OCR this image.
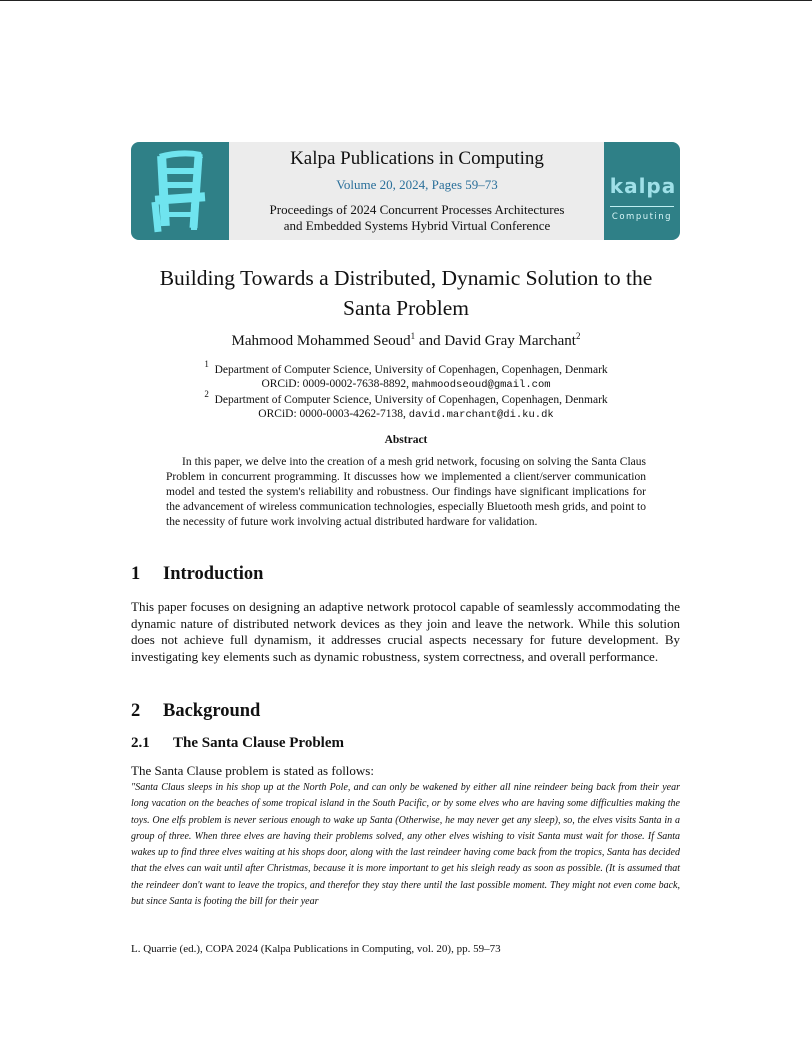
Kalpa Publications in Computing
Volume 20, 2024, Pages 59–73
Proceedings of 2024 Concurrent Processes Architectures
and Embedded Systems Hybrid Virtual Conference
kalpa
Computing
Building Towards a Distributed, Dynamic Solution to the
Santa Problem
Mahmood Mohammed Seoud$^1$ and David Gray Marchant$^2$
$^1$ Department of Computer Science, University of Copenhagen, Copenhagen, Denmark
ORCiD: 0009-0002-7638-8892, mahmoodseoud@gmail.com
$^2$ Department of Computer Science, University of Copenhagen, Copenhagen, Denmark
ORCiD: 0000-0003-4262-7138, david.marchant@di.ku.dk
Abstract
In this paper, we delve into the creation of a mesh grid network, focusing on solving the Santa Claus Problem in concurrent programming. It discusses how we implemented a client/server communication model and tested the system's reliability and robustness. Our findings have significant implications for the advancement of wireless communication technologies, especially Bluetooth mesh grids, and point to the necessity of future work involving actual distributed hardware for validation.
1 Introduction
This paper focuses on designing an adaptive network protocol capable of seamlessly accommodating the dynamic nature of distributed network devices as they join and leave the network. While this solution does not achieve full dynamism, it addresses crucial aspects necessary for future development. By investigating key elements such as dynamic robustness, system correctness, and overall performance.
2 Background
2.1 The Santa Clause Problem
The Santa Clause problem is stated as follows:
"Santa Claus sleeps in his shop up at the North Pole, and can only be wakened by either all nine reindeer being back from their year long vacation on the beaches of some tropical island in the South Pacific, or by some elves who are having some difficulties making the toys. One elfs problem is never serious enough to wake up Santa (Otherwise, he may never get any sleep), so, the elves visits Santa in a group of three. When three elves are having their problems solved, any other elves wishing to visit Santa must wait for those. If Santa wakes up to find three elves waiting at his shops door, along with the last reindeer having come back from the tropics, Santa has decided that the elves can wait until after Christmas, because it is more important to get his sleigh ready as soon as possible. (It is assumed that the reindeer don't want to leave the tropics, and therefor they stay there until the last possible moment. They might not even come back, but since Santa is footing the bill for their year
L. Quarrie (ed.), COPA 2024 (Kalpa Publications in Computing, vol. 20), pp. 59–73
